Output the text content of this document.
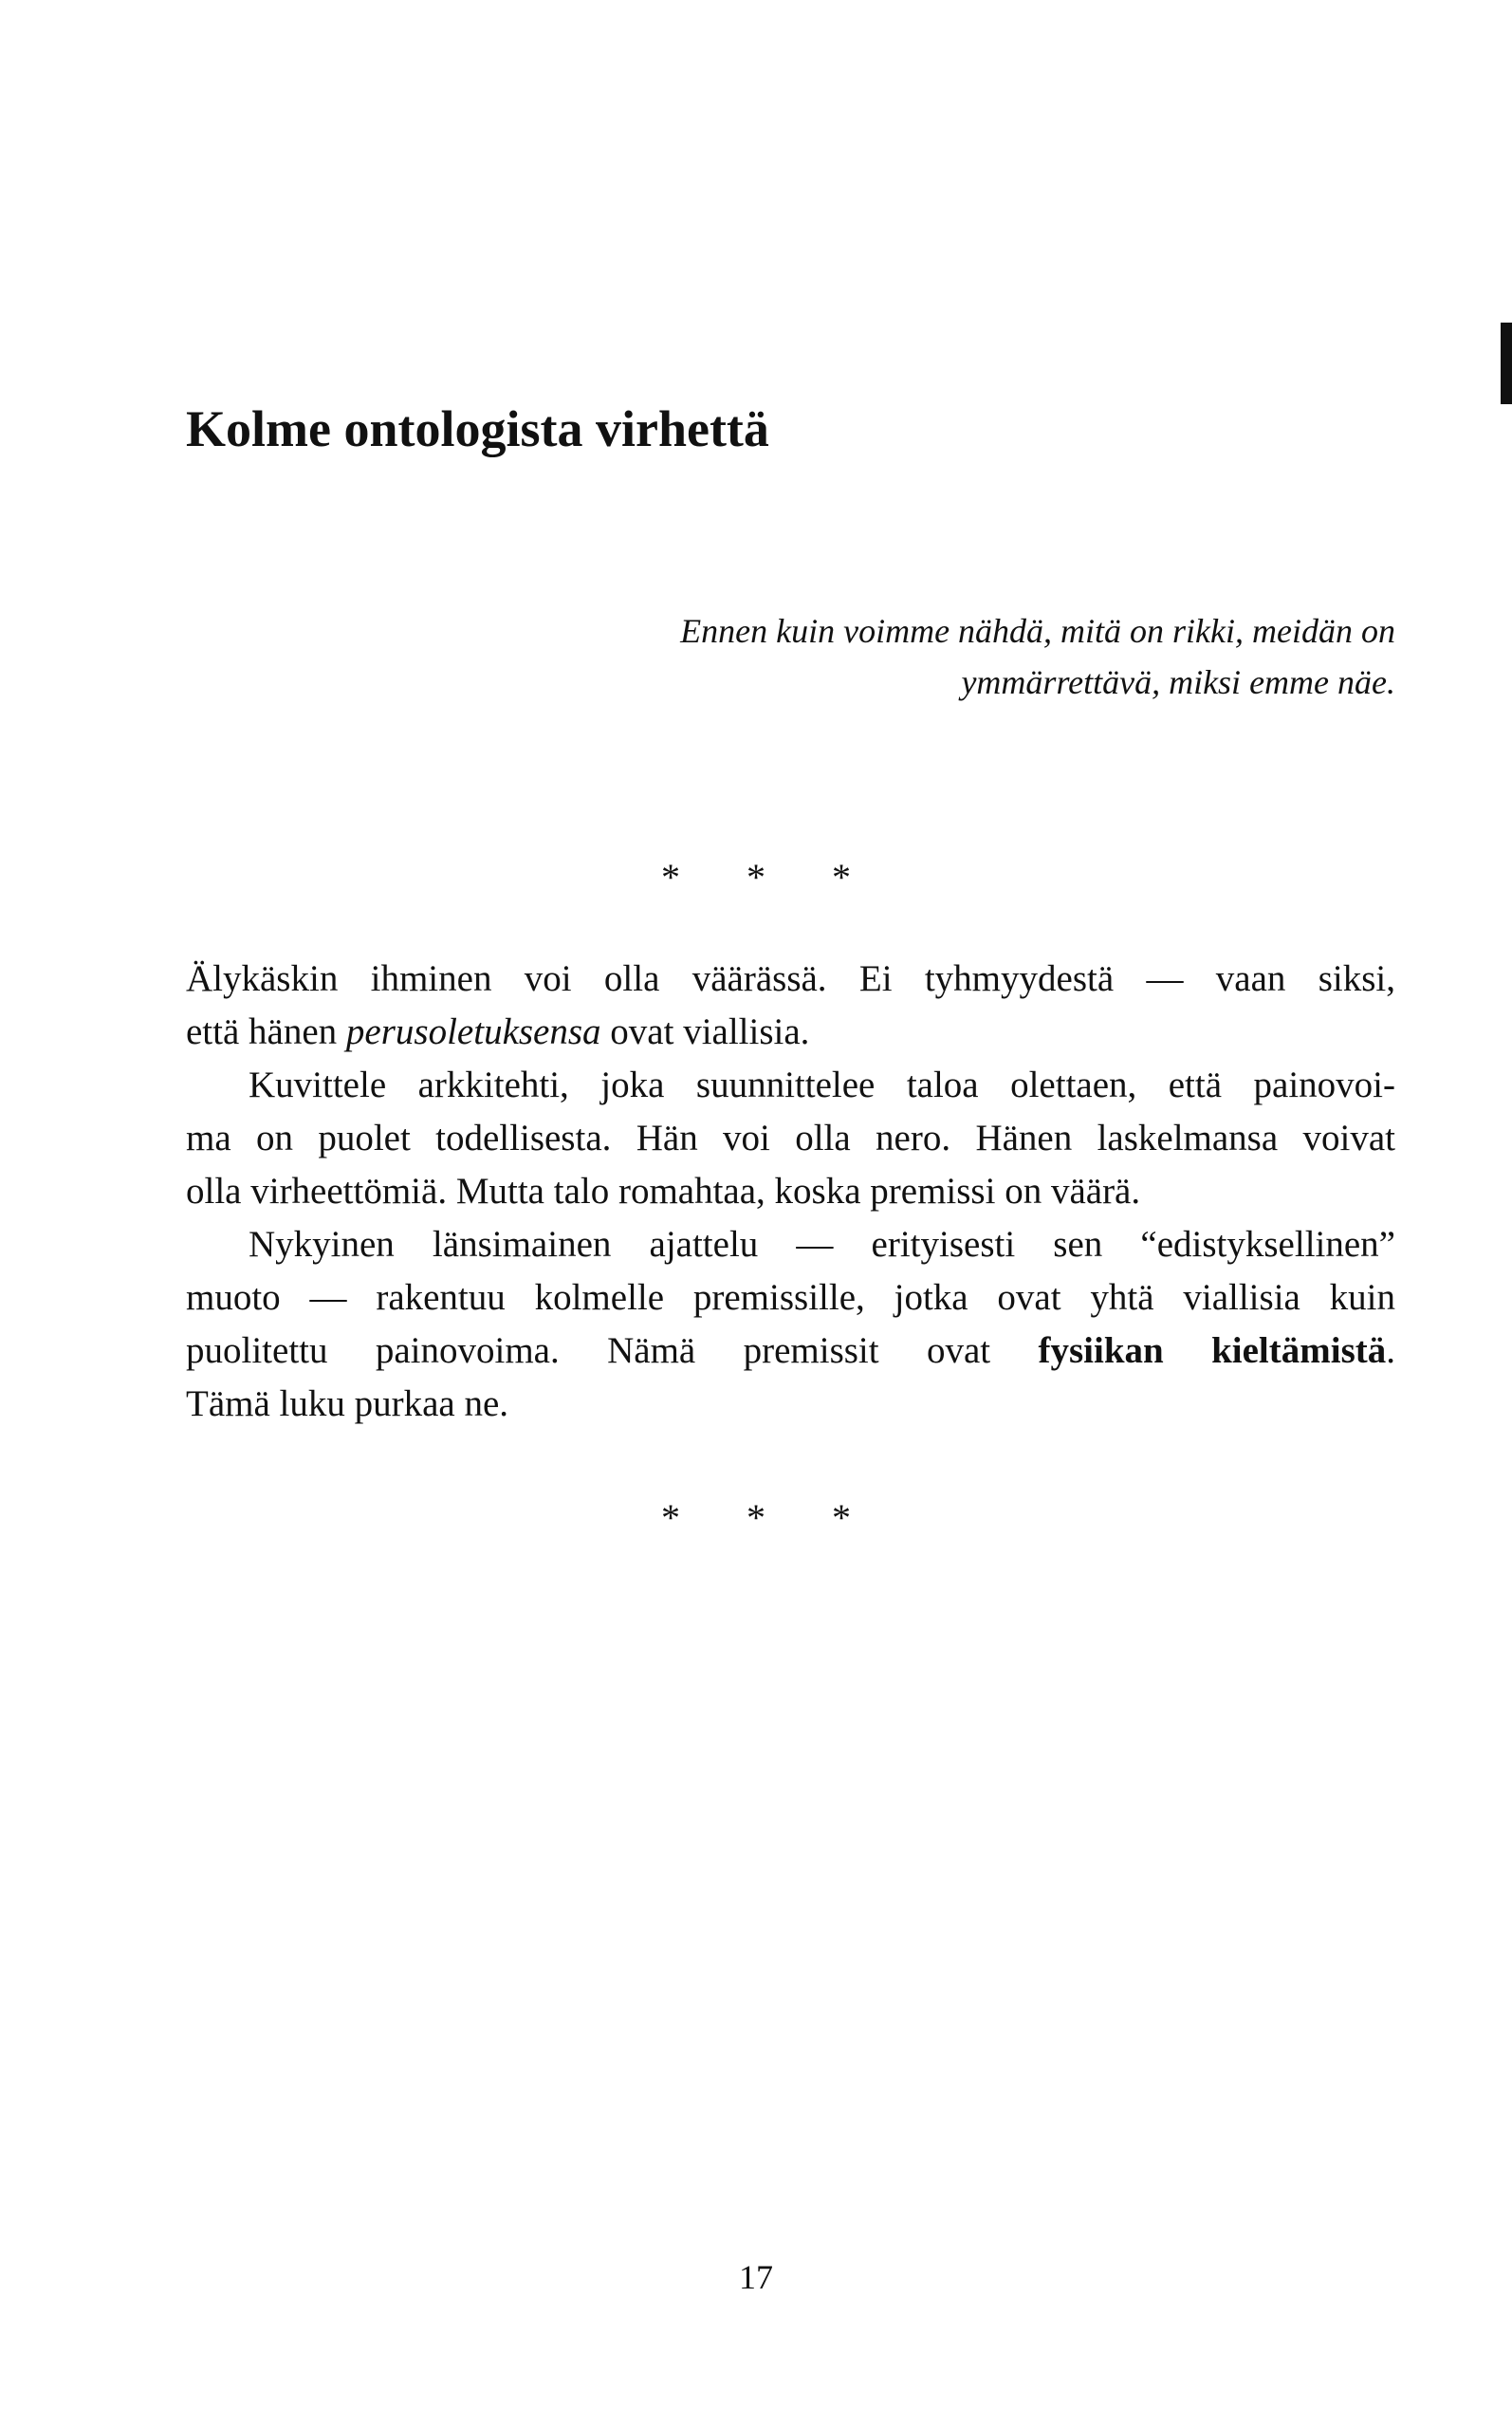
Kolme ontologista virhettä
Ennen kuin voimme nähdä, mitä on rikki, meidän on
ymmärrettävä, miksi emme näe.
* * *
Älykäskin ihminen voi olla väärässä. Ei tyhmyydestä — vaan siksi,
että hänen perusoletuksensa ovat viallisia.
Kuvittele arkkitehti, joka suunnittelee taloa olettaen, että painovoi-
ma on puolet todellisesta. Hän voi olla nero. Hänen laskelmansa voivat
olla virheettömiä. Mutta talo romahtaa, koska premissi on väärä.
Nykyinen länsimainen ajattelu — erityisesti sen “edistyksellinen”
muoto — rakentuu kolmelle premissille, jotka ovat yhtä viallisia kuin
puolitettu painovoima. Nämä premissit ovat fysiikan kieltämistä.
Tämä luku purkaa ne.
* * *
17
